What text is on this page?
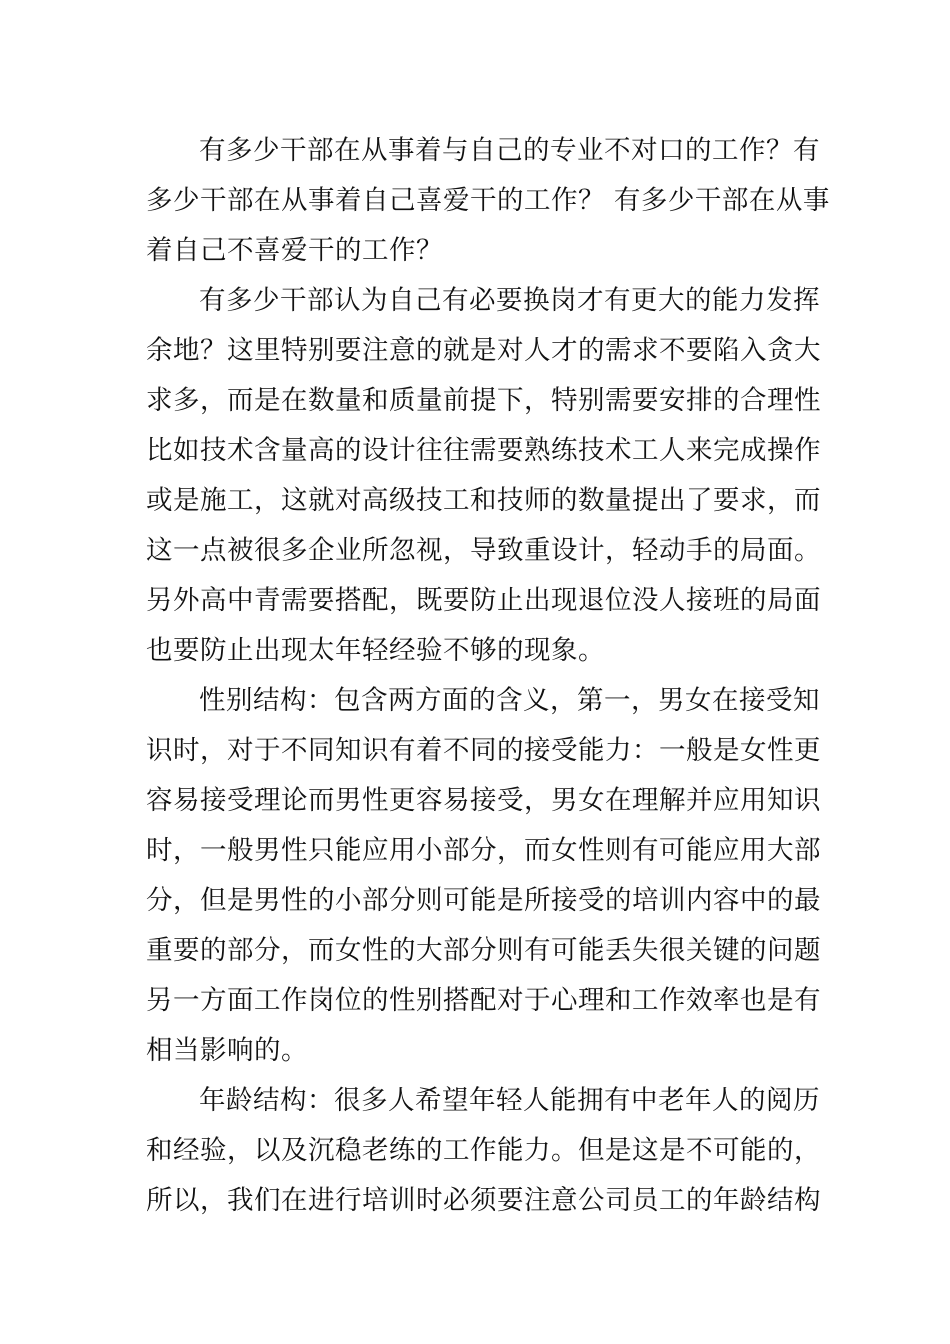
有多少干部在从事着与自己的专业不对口的工作？有
多少干部在从事着自己喜爱干的工作？ 有多少干部在从事
着自己不喜爱干的工作？
有多少干部认为自己有必要换岗才有更大的能力发挥
余地？这里特别要注意的就是对人才的需求不要陷入贪大
求多，而是在数量和质量前提下，特别需要安排的合理性
比如技术含量高的设计往往需要熟练技术工人来完成操作
或是施工，这就对高级技工和技师的数量提出了要求，而
这一点被很多企业所忽视，导致重设计，轻动手的局面。
另外高中青需要搭配，既要防止出现退位没人接班的局面
也要防止出现太年轻经验不够的现象。
性别结构：包含两方面的含义，第一，男女在接受知
识时，对于不同知识有着不同的接受能力：一般是女性更
容易接受理论而男性更容易接受，男女在理解并应用知识
时，一般男性只能应用小部分，而女性则有可能应用大部
分，但是男性的小部分则可能是所接受的培训内容中的最
重要的部分，而女性的大部分则有可能丢失很关键的问题
另一方面工作岗位的性别搭配对于心理和工作效率也是有
相当影响的。
年龄结构：很多人希望年轻人能拥有中老年人的阅历
和经验，以及沉稳老练的工作能力。但是这是不可能的，
所以，我们在进行培训时必须要注意公司员工的年龄结构
